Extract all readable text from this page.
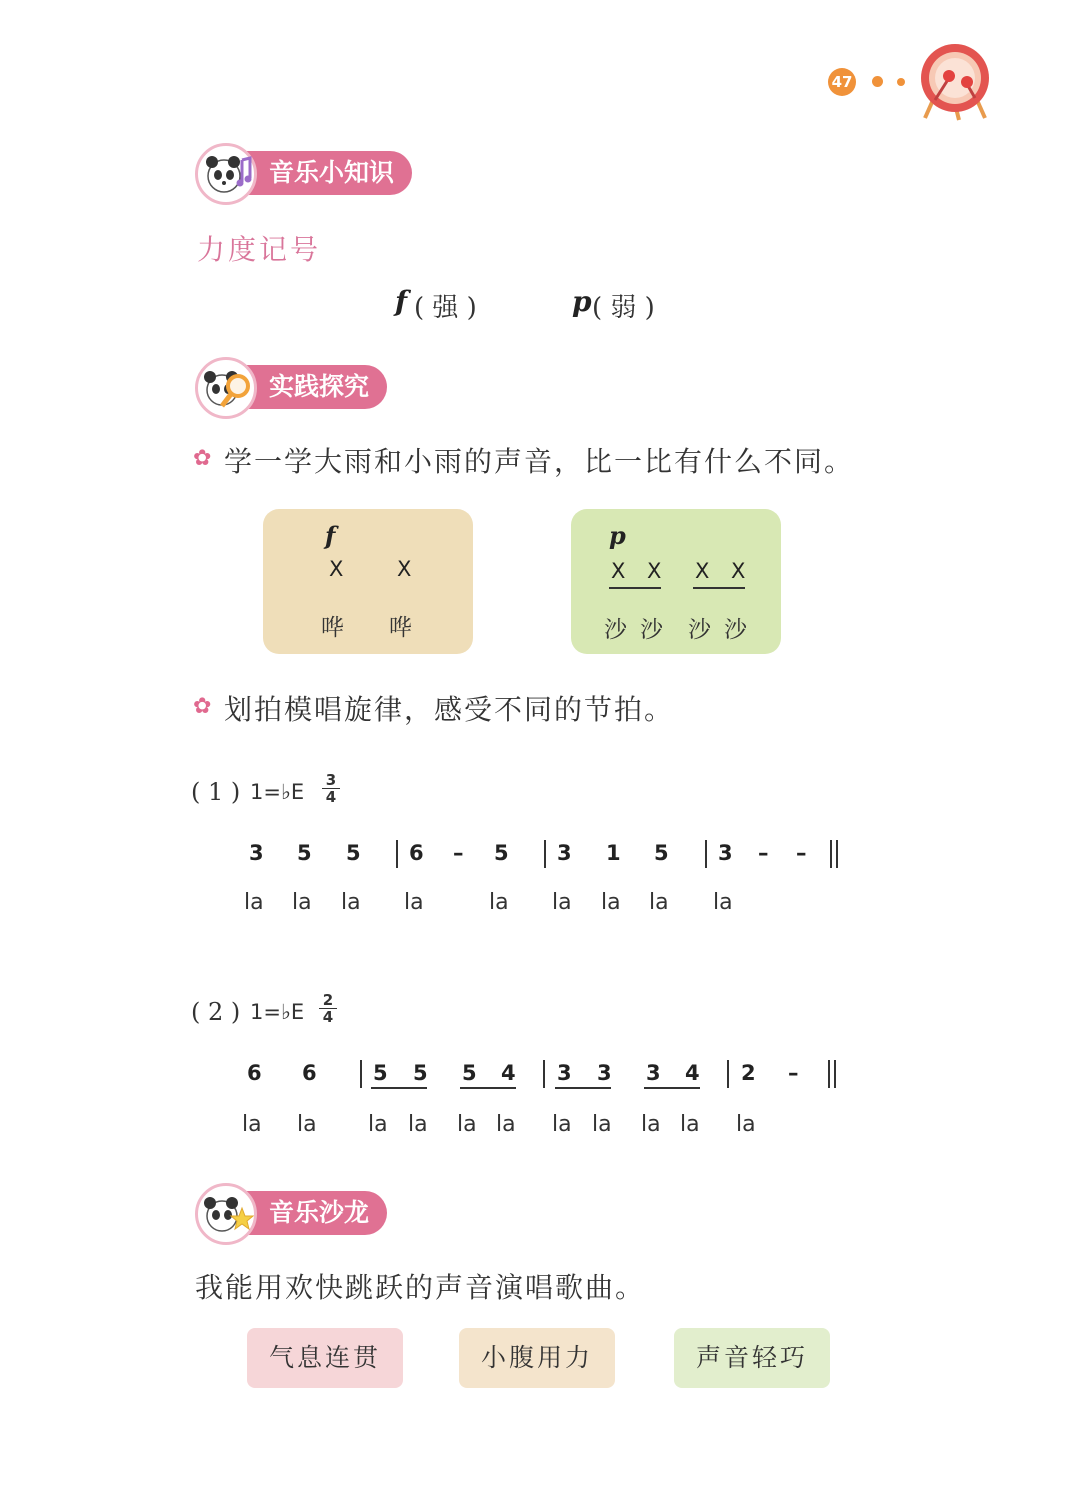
47
音乐小知识
力度记号
f ( 强 )	p ( 弱 )
实践探究
✿ 学一学大雨和小雨的声音，比一比有什么不同。
f
X	X
哗 哗
p
X X X X
沙 沙 沙 沙
✿ 划拍模唱旋律，感受不同的节拍。
( 1 ) 1=♭E 3
4
3 5 5 6 – 5 3 1 5 3 – –
la la la la	la la la la la
( 2 ) 1=♭E 2
4
6 6	5 5 5 4 3 3 3 4 2 –
la la la la la la la la la la la
音乐沙龙
我能用欢快跳跃的声音演唱歌曲。
气息连贯	小腹用力	声音轻巧
